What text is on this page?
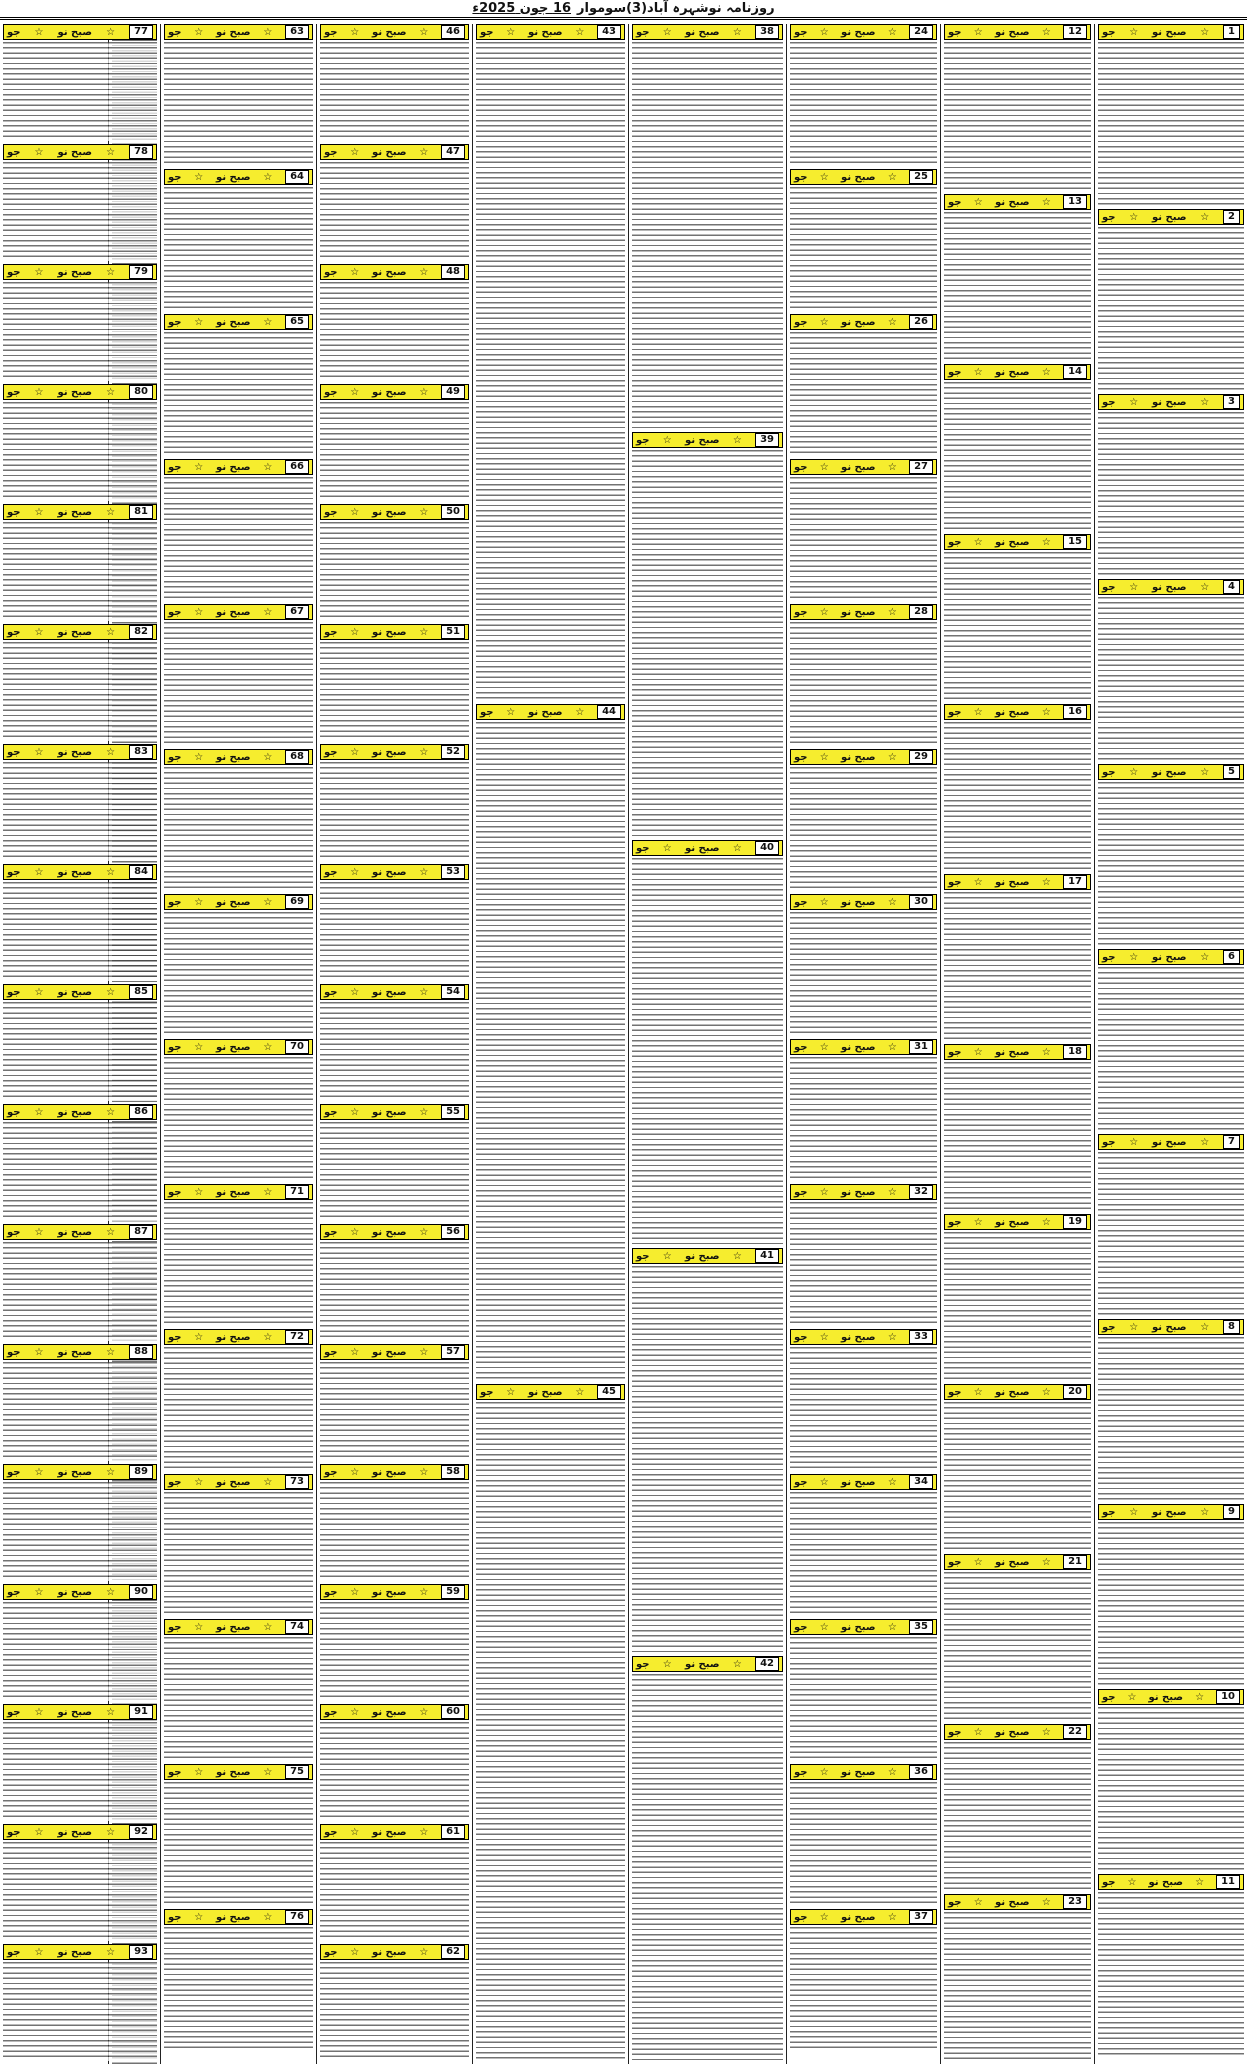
روزنامہ نوشہرہ آباد(3)سوموار
16 جون 2025ء
1
☆
صبح نو
☆
جو
2
☆
صبح نو
☆
جو
3
☆
صبح نو
☆
جو
4
☆
صبح نو
☆
جو
5
☆
صبح نو
☆
جو
6
☆
صبح نو
☆
جو
7
☆
صبح نو
☆
جو
8
☆
صبح نو
☆
جو
9
☆
صبح نو
☆
جو
10
☆
صبح نو
☆
جو
11
☆
صبح نو
☆
جو
12
☆
صبح نو
☆
جو
13
☆
صبح نو
☆
جو
14
☆
صبح نو
☆
جو
15
☆
صبح نو
☆
جو
16
☆
صبح نو
☆
جو
17
☆
صبح نو
☆
جو
18
☆
صبح نو
☆
جو
19
☆
صبح نو
☆
جو
20
☆
صبح نو
☆
جو
21
☆
صبح نو
☆
جو
22
☆
صبح نو
☆
جو
23
☆
صبح نو
☆
جو
24
☆
صبح نو
☆
جو
25
☆
صبح نو
☆
جو
26
☆
صبح نو
☆
جو
27
☆
صبح نو
☆
جو
28
☆
صبح نو
☆
جو
29
☆
صبح نو
☆
جو
30
☆
صبح نو
☆
جو
31
☆
صبح نو
☆
جو
32
☆
صبح نو
☆
جو
33
☆
صبح نو
☆
جو
34
☆
صبح نو
☆
جو
35
☆
صبح نو
☆
جو
36
☆
صبح نو
☆
جو
37
☆
صبح نو
☆
جو
38
☆
صبح نو
☆
جو
39
☆
صبح نو
☆
جو
40
☆
صبح نو
☆
جو
41
☆
صبح نو
☆
جو
42
☆
صبح نو
☆
جو
43
☆
صبح نو
☆
جو
44
☆
صبح نو
☆
جو
45
☆
صبح نو
☆
جو
46
☆
صبح نو
☆
جو
47
☆
صبح نو
☆
جو
48
☆
صبح نو
☆
جو
49
☆
صبح نو
☆
جو
50
☆
صبح نو
☆
جو
51
☆
صبح نو
☆
جو
52
☆
صبح نو
☆
جو
53
☆
صبح نو
☆
جو
54
☆
صبح نو
☆
جو
55
☆
صبح نو
☆
جو
56
☆
صبح نو
☆
جو
57
☆
صبح نو
☆
جو
58
☆
صبح نو
☆
جو
59
☆
صبح نو
☆
جو
60
☆
صبح نو
☆
جو
61
☆
صبح نو
☆
جو
62
☆
صبح نو
☆
جو
63
☆
صبح نو
☆
جو
64
☆
صبح نو
☆
جو
65
☆
صبح نو
☆
جو
66
☆
صبح نو
☆
جو
67
☆
صبح نو
☆
جو
68
☆
صبح نو
☆
جو
69
☆
صبح نو
☆
جو
70
☆
صبح نو
☆
جو
71
☆
صبح نو
☆
جو
72
☆
صبح نو
☆
جو
73
☆
صبح نو
☆
جو
74
☆
صبح نو
☆
جو
75
☆
صبح نو
☆
جو
76
☆
صبح نو
☆
جو
77
☆
صبح نو
☆
جو
78
☆
صبح نو
☆
جو
79
☆
صبح نو
☆
جو
80
☆
صبح نو
☆
جو
81
☆
صبح نو
☆
جو
82
☆
صبح نو
☆
جو
83
☆
صبح نو
☆
جو
84
☆
صبح نو
☆
جو
85
☆
صبح نو
☆
جو
86
☆
صبح نو
☆
جو
87
☆
صبح نو
☆
جو
88
☆
صبح نو
☆
جو
89
☆
صبح نو
☆
جو
90
☆
صبح نو
☆
جو
91
☆
صبح نو
☆
جو
92
☆
صبح نو
☆
جو
93
☆
صبح نو
☆
جو
